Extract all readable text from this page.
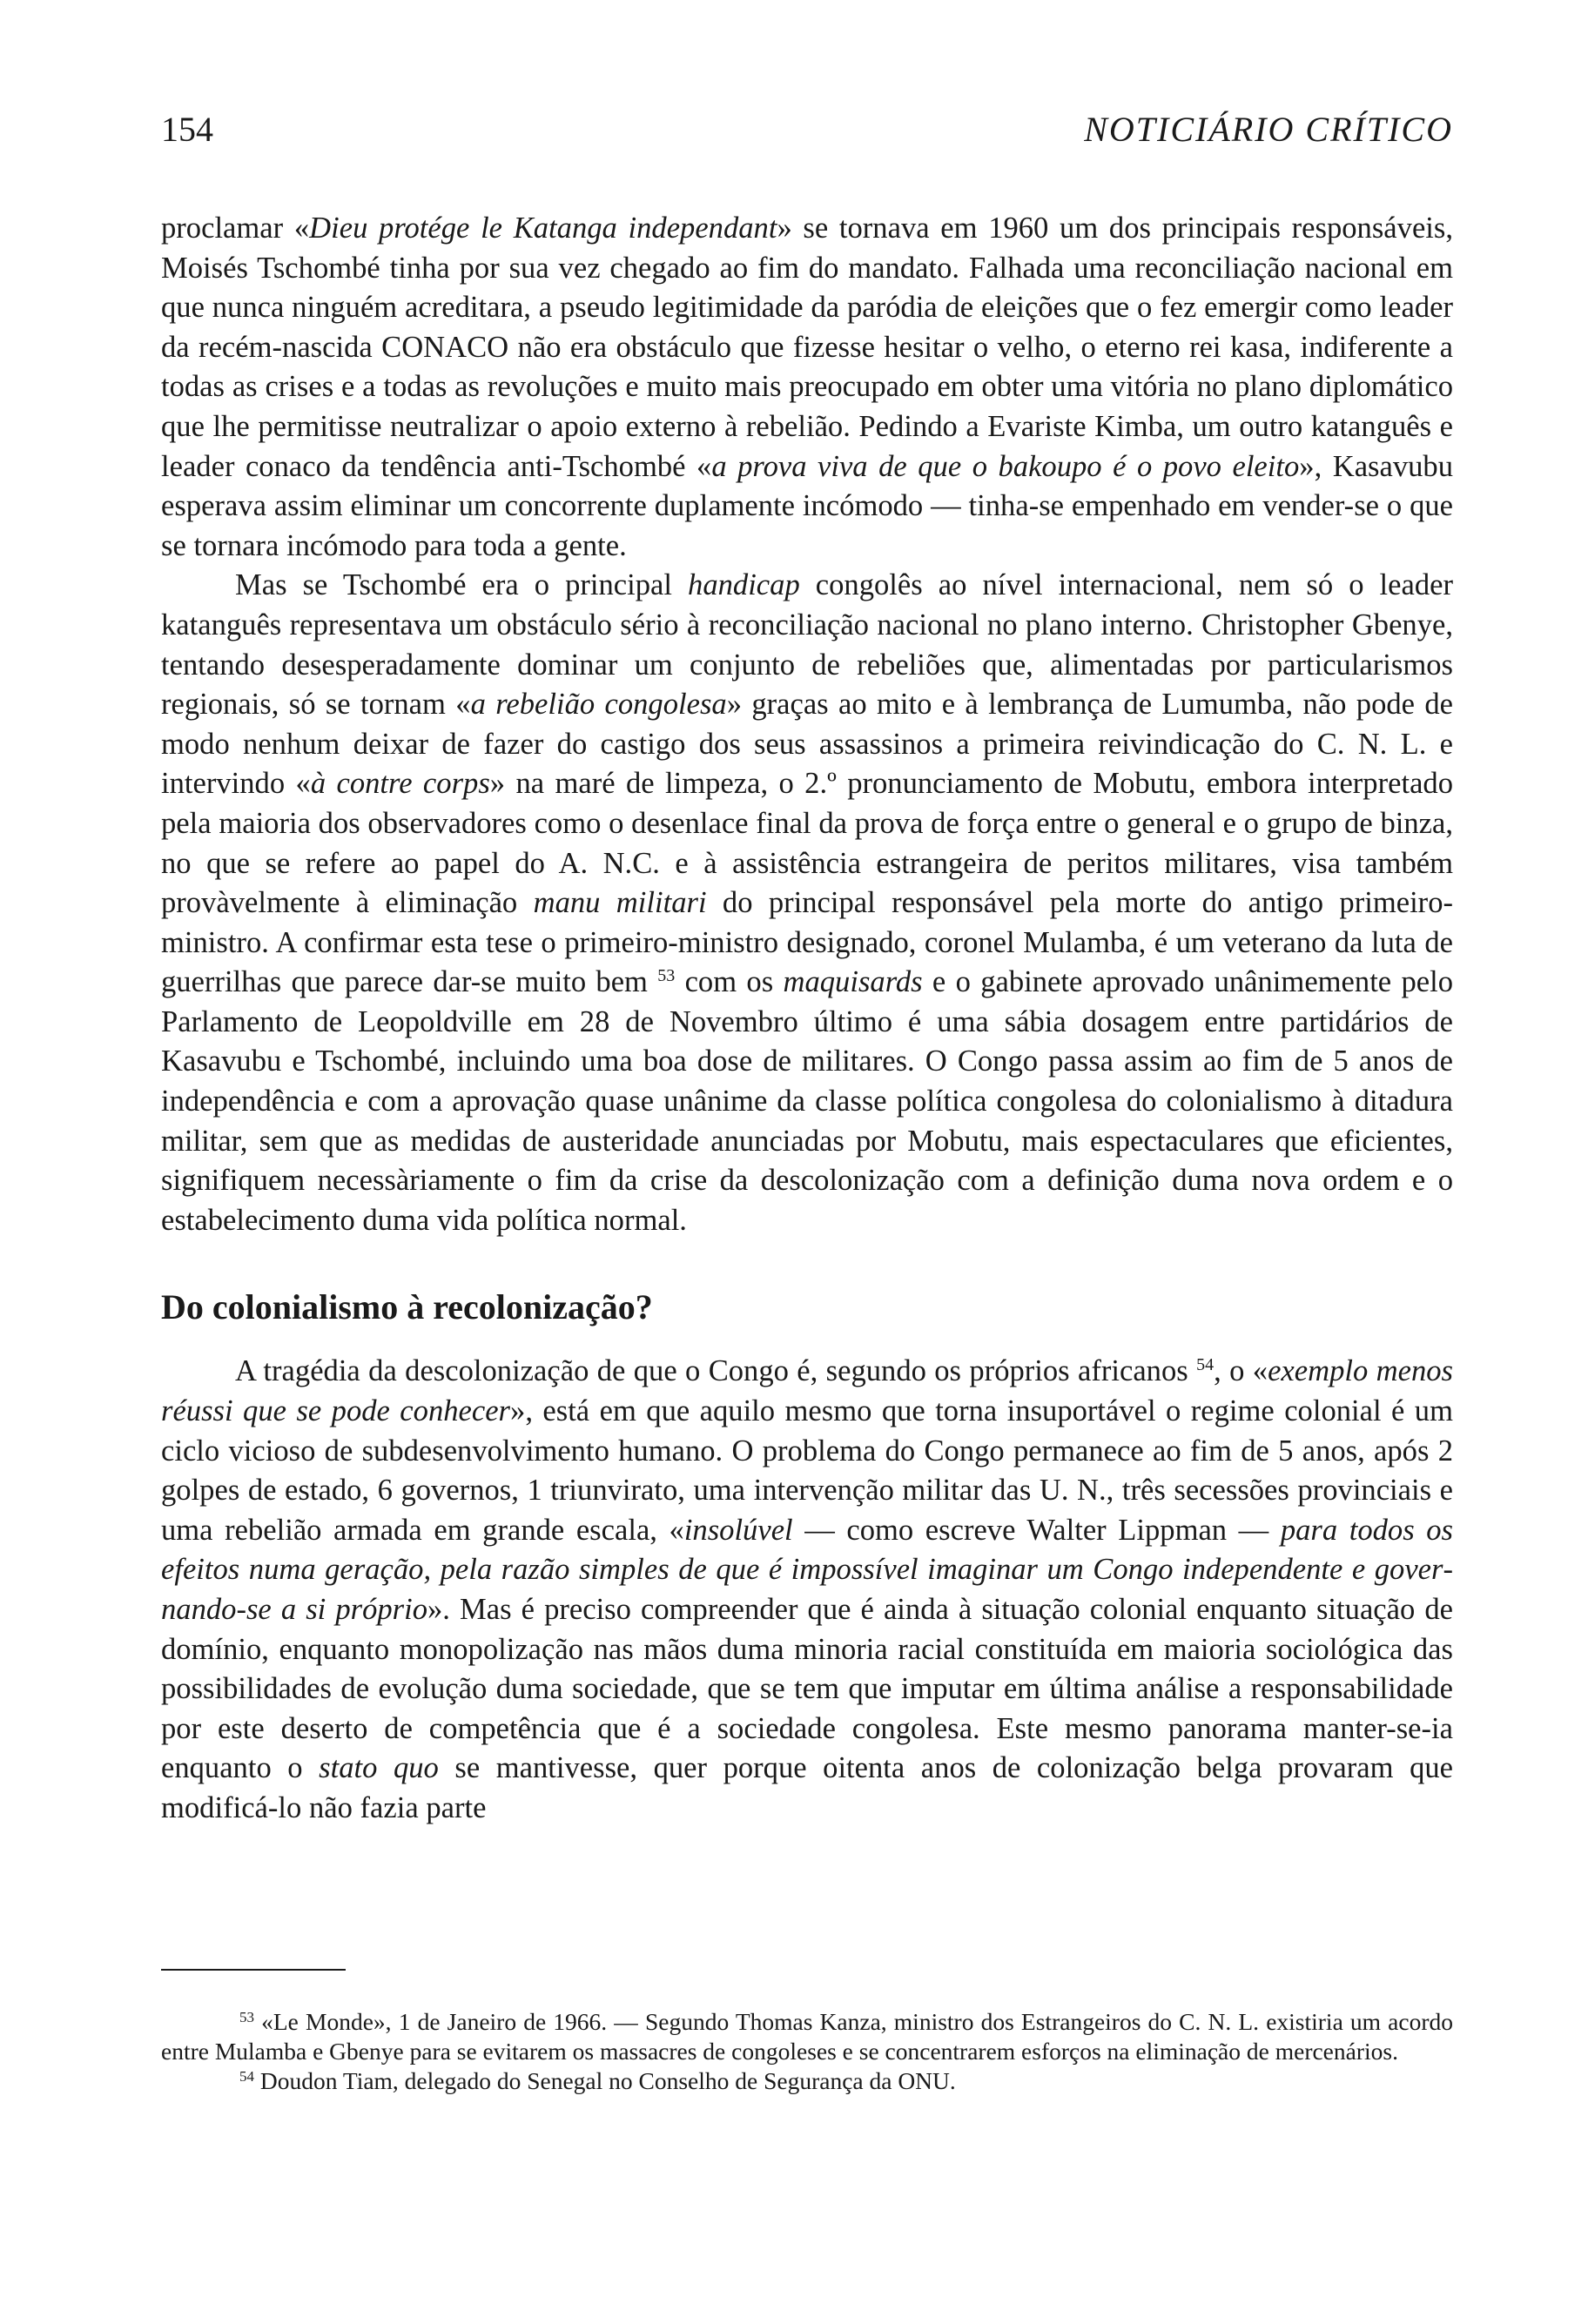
154	NOTICIÁRIO CRÍTICO

proclamar «Dieu protége le Katanga independant» se tornava em 1960 um dos principais responsáveis, Moisés Tschombé tinha por sua vez chegado ao fim do mandato. Falhada uma reconciliação nacional em que nunca ninguém acreditara, a pseudo legitimidade da paródia de eleições que o fez emergir como leader da recém-nascida CONACO não era obstáculo que fizesse hesitar o velho, o eterno rei kasa, indiferente a todas as crises e a todas as revoluções e muito mais preocupado em obter uma vitória no plano diplomático que lhe permitisse neutralizar o apoio externo à rebelião. Pedindo a Evariste Kimba, um outro katanguês e leader conaco da tendência anti-Tschombé «a prova viva de que o bakoupo é o povo eleito», Kasavubu esperava assim eliminar um concorrente duplamente incómodo — tinha-se empenhado em vender-se o que se tornara incómodo para toda a gente.

Mas se Tschombé era o principal handicap congolês ao nível internacional, nem só o leader katanguês representava um obstáculo sério à reconciliação nacional no plano interno. Christopher Gbenye, tentando desesperadamente dominar um conjunto de rebeliões que, alimentadas por particularismos regionais, só se tornam «a rebelião congolesa» graças ao mito e à lembrança de Lumumba, não pode de modo nenhum deixar de fazer do castigo dos seus assassinos a primeira reivindicação do C. N. L. e intervindo «à contre corps» na maré de limpeza, o 2.º pronunciamento de Mobutu, embora interpretado pela maioria dos observadores como o desenlace final da prova de força entre o general e o grupo de binza, no que se refere ao papel do A. N.C. e à assistência estrangeira de peritos militares, visa também provàvelmente à eliminação manu militari do principal responsável pela morte do antigo primeiro-ministro. A confirmar esta tese o primeiro-ministro designado, coronel Mulamba, é um veterano da luta de guerrilhas que parece dar-se muito bem $^{53}$ com os maquisards e o gabinete aprovado unânimemente pelo Parlamento de Leopoldville em 28 de Novembro último é uma sábia dosagem entre partidários de Kasavubu e Tschombé, incluindo uma boa dose de militares. O Congo passa assim ao fim de 5 anos de independência e com a aprovação quase unânime da classe política congolesa do colonialismo à ditadura militar, sem que as medidas de austeridade anunciadas por Mobutu, mais espectaculares que eficientes, signifiquem necessàriamente o fim da crise da descolonização com a definição duma nova ordem e o estabelecimento duma vida política normal.

Do colonialismo à recolonização?

A tragédia da descolonização de que o Congo é, segundo os próprios africanos $^{54}$, o «exemplo menos réussi que se pode conhecer», está em que aquilo mesmo que torna insuportável o regime colonial é um ciclo vicioso de subdesenvolvimento humano. O problema do Congo permanece ao fim de 5 anos, após 2 golpes de estado, 6 governos, 1 triunvirato, uma intervenção militar das U. N., três secessões provinciais e uma rebelião armada em grande escala, «insolúvel — como escreve Walter Lippman — para todos os efeitos numa geração, pela razão simples de que é impossível imaginar um Congo independente e governando-se a si próprio». Mas é preciso compreender que é ainda à situação colonial enquanto situação de domínio, enquanto monopolização nas mãos duma minoria racial constituída em maioria sociológica das possibilidades de evolução duma sociedade, que se tem que imputar em última análise a responsabilidade por este deserto de competência que é a sociedade congolesa. Este mesmo panorama manter-se-ia enquanto o stato quo se mantivesse, quer porque oitenta anos de colonização belga provaram que modificá-lo não fazia parte

$^{53}$ «Le Monde», 1 de Janeiro de 1966. — Segundo Thomas Kanza, ministro dos Estrangeiros do C. N. L. existiria um acordo entre Mulamba e Gbenye para se evitarem os massacres de congoleses e se concentrarem esforços na eliminação de mercenários.

$^{54}$ Doudon Tiam, delegado do Senegal no Conselho de Segurança da ONU.
